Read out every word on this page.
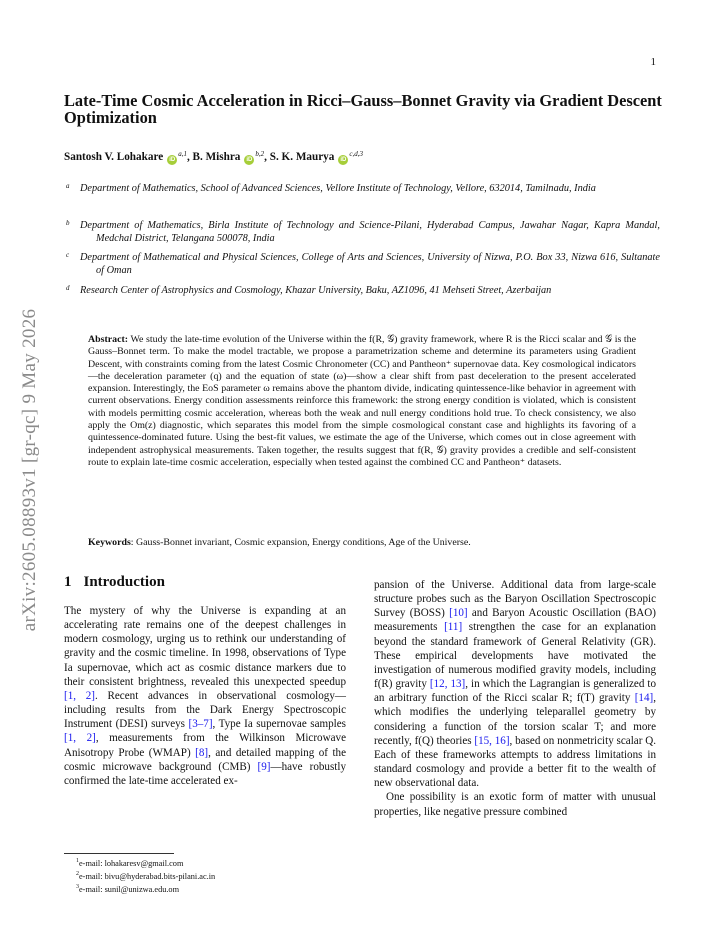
1
arXiv:2605.08893v1 [gr-qc] 9 May 2026
Late-Time Cosmic Acceleration in Ricci–Gauss–Bonnet Gravity via Gradient Descent Optimization
Santosh V. Lohakare iD$^{a,1}$, B. Mishra iD$^{b,2}$, S. K. Maurya iD$^{c,d,3}$
a	Department of Mathematics, School of Advanced Sciences, Vellore Institute of Technology, Vellore, 632014, Tamilnadu, India
b	Department of Mathematics, Birla Institute of Technology and Science-Pilani, Hyderabad Campus, Jawahar Nagar, Kapra Mandal, Medchal District, Telangana 500078, India
c	Department of Mathematical and Physical Sciences, College of Arts and Sciences, University of Nizwa, P.O. Box 33, Nizwa 616, Sultanate of Oman
d	Research Center of Astrophysics and Cosmology, Khazar University, Baku, AZ1096, 41 Mehseti Street, Azerbaijan
Abstract: We study the late-time evolution of the Universe within the f(R, 𝒢) gravity framework, where R is the Ricci scalar and 𝒢 is the Gauss–Bonnet term. To make the model tractable, we propose a parametrization scheme and determine its parameters using Gradient Descent, with constraints coming from the latest Cosmic Chronometer (CC) and Pantheon⁺ supernovae data. Key cosmological indicators—the deceleration parameter (q) and the equation of state (ω)—show a clear shift from past deceleration to the present accelerated expansion. Interestingly, the EoS parameter ω remains above the phantom divide, indicating quintessence-like behavior in agreement with current observations. Energy condition assessments reinforce this framework: the strong energy condition is violated, which is consistent with models permitting cosmic acceleration, whereas both the weak and null energy conditions hold true. To check consistency, we also apply the Om(z) diagnostic, which separates this model from the simple cosmological constant case and highlights its favoring of a quintessence-dominated future. Using the best-fit values, we estimate the age of the Universe, which comes out in close agreement with independent astrophysical measurements. Taken together, the results suggest that f(R, 𝒢) gravity provides a credible and self-consistent route to explain late-time cosmic acceleration, especially when tested against the combined CC and Pantheon⁺ datasets.
Keywords: Gauss-Bonnet invariant, Cosmic expansion, Energy conditions, Age of the Universe.
1 Introduction

The mystery of why the Universe is expanding at an accelerating rate remains one of the deepest challenges in modern cosmology, urging us to rethink our understanding of gravity and the cosmic timeline. In 1998, observations of Type Ia supernovae, which act as cosmic distance markers due to their consistent brightness, revealed this unexpected speedup [1, 2]. Recent advances in observational cosmology—including results from the Dark Energy Spectroscopic Instrument (DESI) surveys [3–7], Type Ia supernovae samples [1, 2], measurements from the Wilkinson Microwave Anisotropy Probe (WMAP) [8], and detailed mapping of the cosmic microwave background (CMB) [9]—have robustly confirmed the late-time accelerated ex-

pansion of the Universe. Additional data from large-scale structure probes such as the Baryon Oscillation Spectroscopic Survey (BOSS) [10] and Baryon Acoustic Oscillation (BAO) measurements [11] strengthen the case for an explanation beyond the standard framework of General Relativity (GR). These empirical developments have motivated the investigation of numerous modified gravity models, including f(R) gravity [12, 13], in which the Lagrangian is generalized to an arbitrary function of the Ricci scalar R; f(T) gravity [14], which modifies the underlying teleparallel geometry by considering a function of the torsion scalar T; and more recently, f(Q) theories [15, 16], based on nonmetricity scalar Q. Each of these frameworks attempts to address limitations in standard cosmology and provide a better fit to the wealth of new observational data.

One possibility is an exotic form of matter with unusual properties, like negative pressure combined

$^1$e-mail: lohakaresv@gmail.com
$^2$e-mail: bivu@hyderabad.bits-pilani.ac.in
$^3$e-mail: sunil@unizwa.edu.om
